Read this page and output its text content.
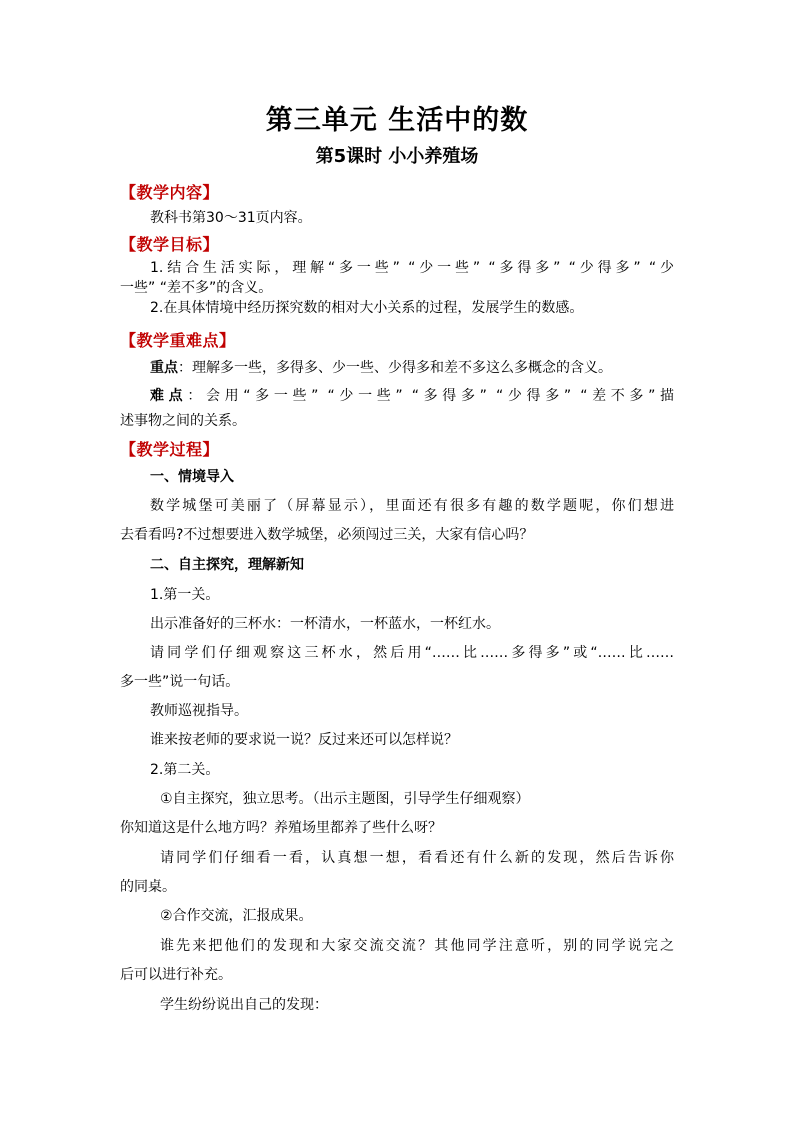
第三单元 生活中的数
第5课时 小小养殖场
【教学内容】
教科书第30～31页内容。
【教学目标】
1.结合生活实际，理解“多一些” “少一些” “多得多” “少得多” “少
一些” “差不多”的含义。
2.在具体情境中经历探究数的相对大小关系的过程，发展学生的数感。
【教学重难点】
重点：理解多一些，多得多、少一些、少得多和差不多这么多概念的含义。
难点：会用“多一些” “少一些” “多得多” “少得多” “差不多”描
述事物之间的关系。
【教学过程】
一、情境导入
数学城堡可美丽了（屏幕显示），里面还有很多有趣的数学题呢，你们想进
去看看吗?不过想要进入数学城堡，必须闯过三关，大家有信心吗？
二、自主探究，理解新知
1.第一关。
出示准备好的三杯水：一杯清水，一杯蓝水，一杯红水。
请同学们仔细观察这三杯水，然后用“……比……多得多”或“……比……
多一些”说一句话。
教师巡视指导。
谁来按老师的要求说一说？反过来还可以怎样说？
2.第二关。
①自主探究，独立思考。（出示主题图，引导学生仔细观察）
你知道这是什么地方吗？养殖场里都养了些什么呀？
请同学们仔细看一看，认真想一想，看看还有什么新的发现，然后告诉你
的同桌。
②合作交流，汇报成果。
谁先来把他们的发现和大家交流交流？其他同学注意听，别的同学说完之
后可以进行补充。
学生纷纷说出自己的发现：
